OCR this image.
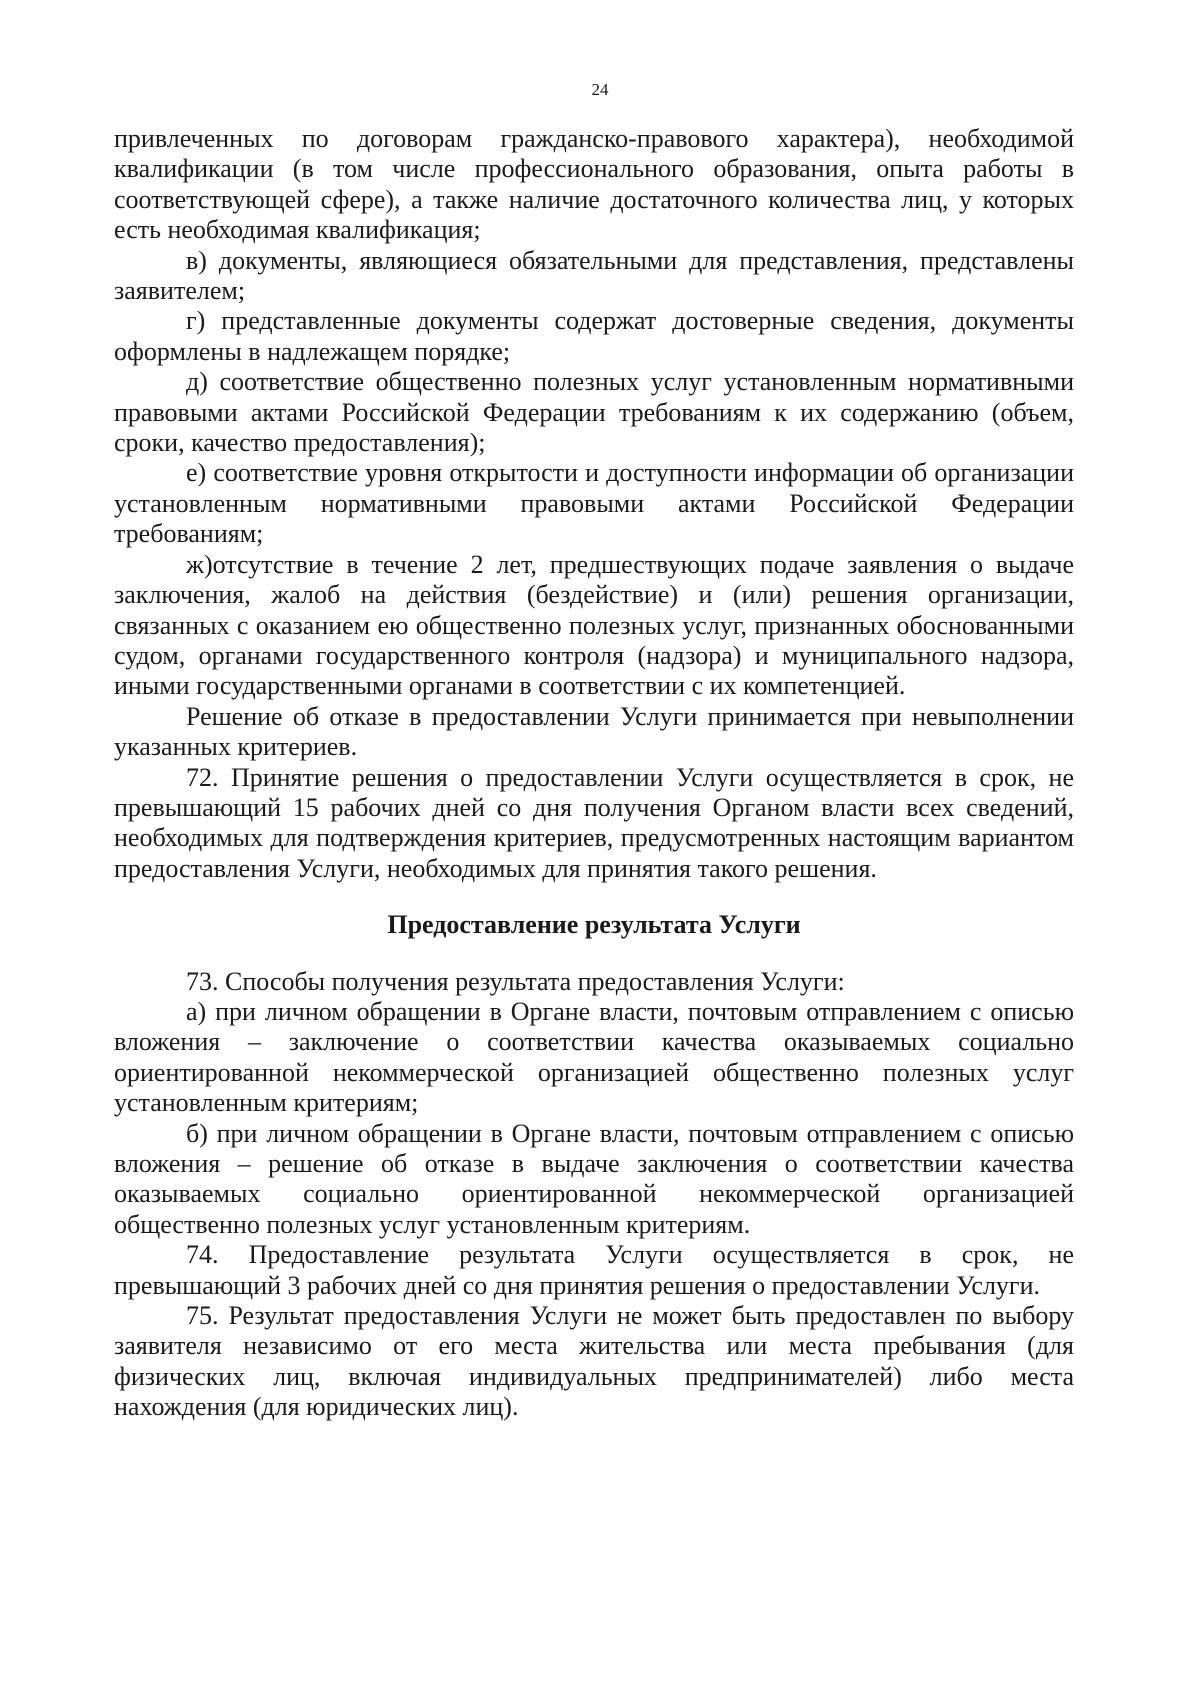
24

привлеченных по договорам гражданско-правового характера), необходимой квалификации (в том числе профессионального образования, опыта работы в соответствующей сфере), а также наличие достаточного количества лиц, у которых есть необходимая квалификация;

в) документы, являющиеся обязательными для представления, представлены заявителем;

г) представленные документы содержат достоверные сведения, документы оформлены в надлежащем порядке;

д) соответствие общественно полезных услуг установленным нормативными правовыми актами Российской Федерации требованиям к их содержанию (объем, сроки, качество предоставления);

е) соответствие уровня открытости и доступности информации об организации установленным нормативными правовыми актами Российской Федерации требованиям;

ж)отсутствие в течение 2 лет, предшествующих подаче заявления о выдаче заключения, жалоб на действия (бездействие) и (или) решения организации, связанных с оказанием ею общественно полезных услуг, признанных обоснованными судом, органами государственного контроля (надзора) и муниципального надзора, иными государственными органами в соответствии с их компетенцией.

Решение об отказе в предоставлении Услуги принимается при невыполнении указанных критериев.

72. Принятие решения о предоставлении Услуги осуществляется в срок, не превышающий 15 рабочих дней со дня получения Органом власти всех сведений, необходимых для подтверждения критериев, предусмотренных настоящим вариантом предоставления Услуги, необходимых для принятия такого решения.

Предоставление результата Услуги

73. Способы получения результата предоставления Услуги:

а) при личном обращении в Органе власти, почтовым отправлением с описью вложения – заключение о соответствии качества оказываемых социально ориентированной некоммерческой организацией общественно полезных услуг установленным критериям;

б) при личном обращении в Органе власти, почтовым отправлением с описью вложения – решение об отказе в выдаче заключения о соответствии качества оказываемых социально ориентированной некоммерческой организацией общественно полезных услуг установленным критериям.

74. Предоставление результата Услуги осуществляется в срок, не превышающий 3 рабочих дней со дня принятия решения о предоставлении Услуги.

75. Результат предоставления Услуги не может быть предоставлен по выбору заявителя независимо от его места жительства или места пребывания (для физических лиц, включая индивидуальных предпринимателей) либо места нахождения (для юридических лиц).
